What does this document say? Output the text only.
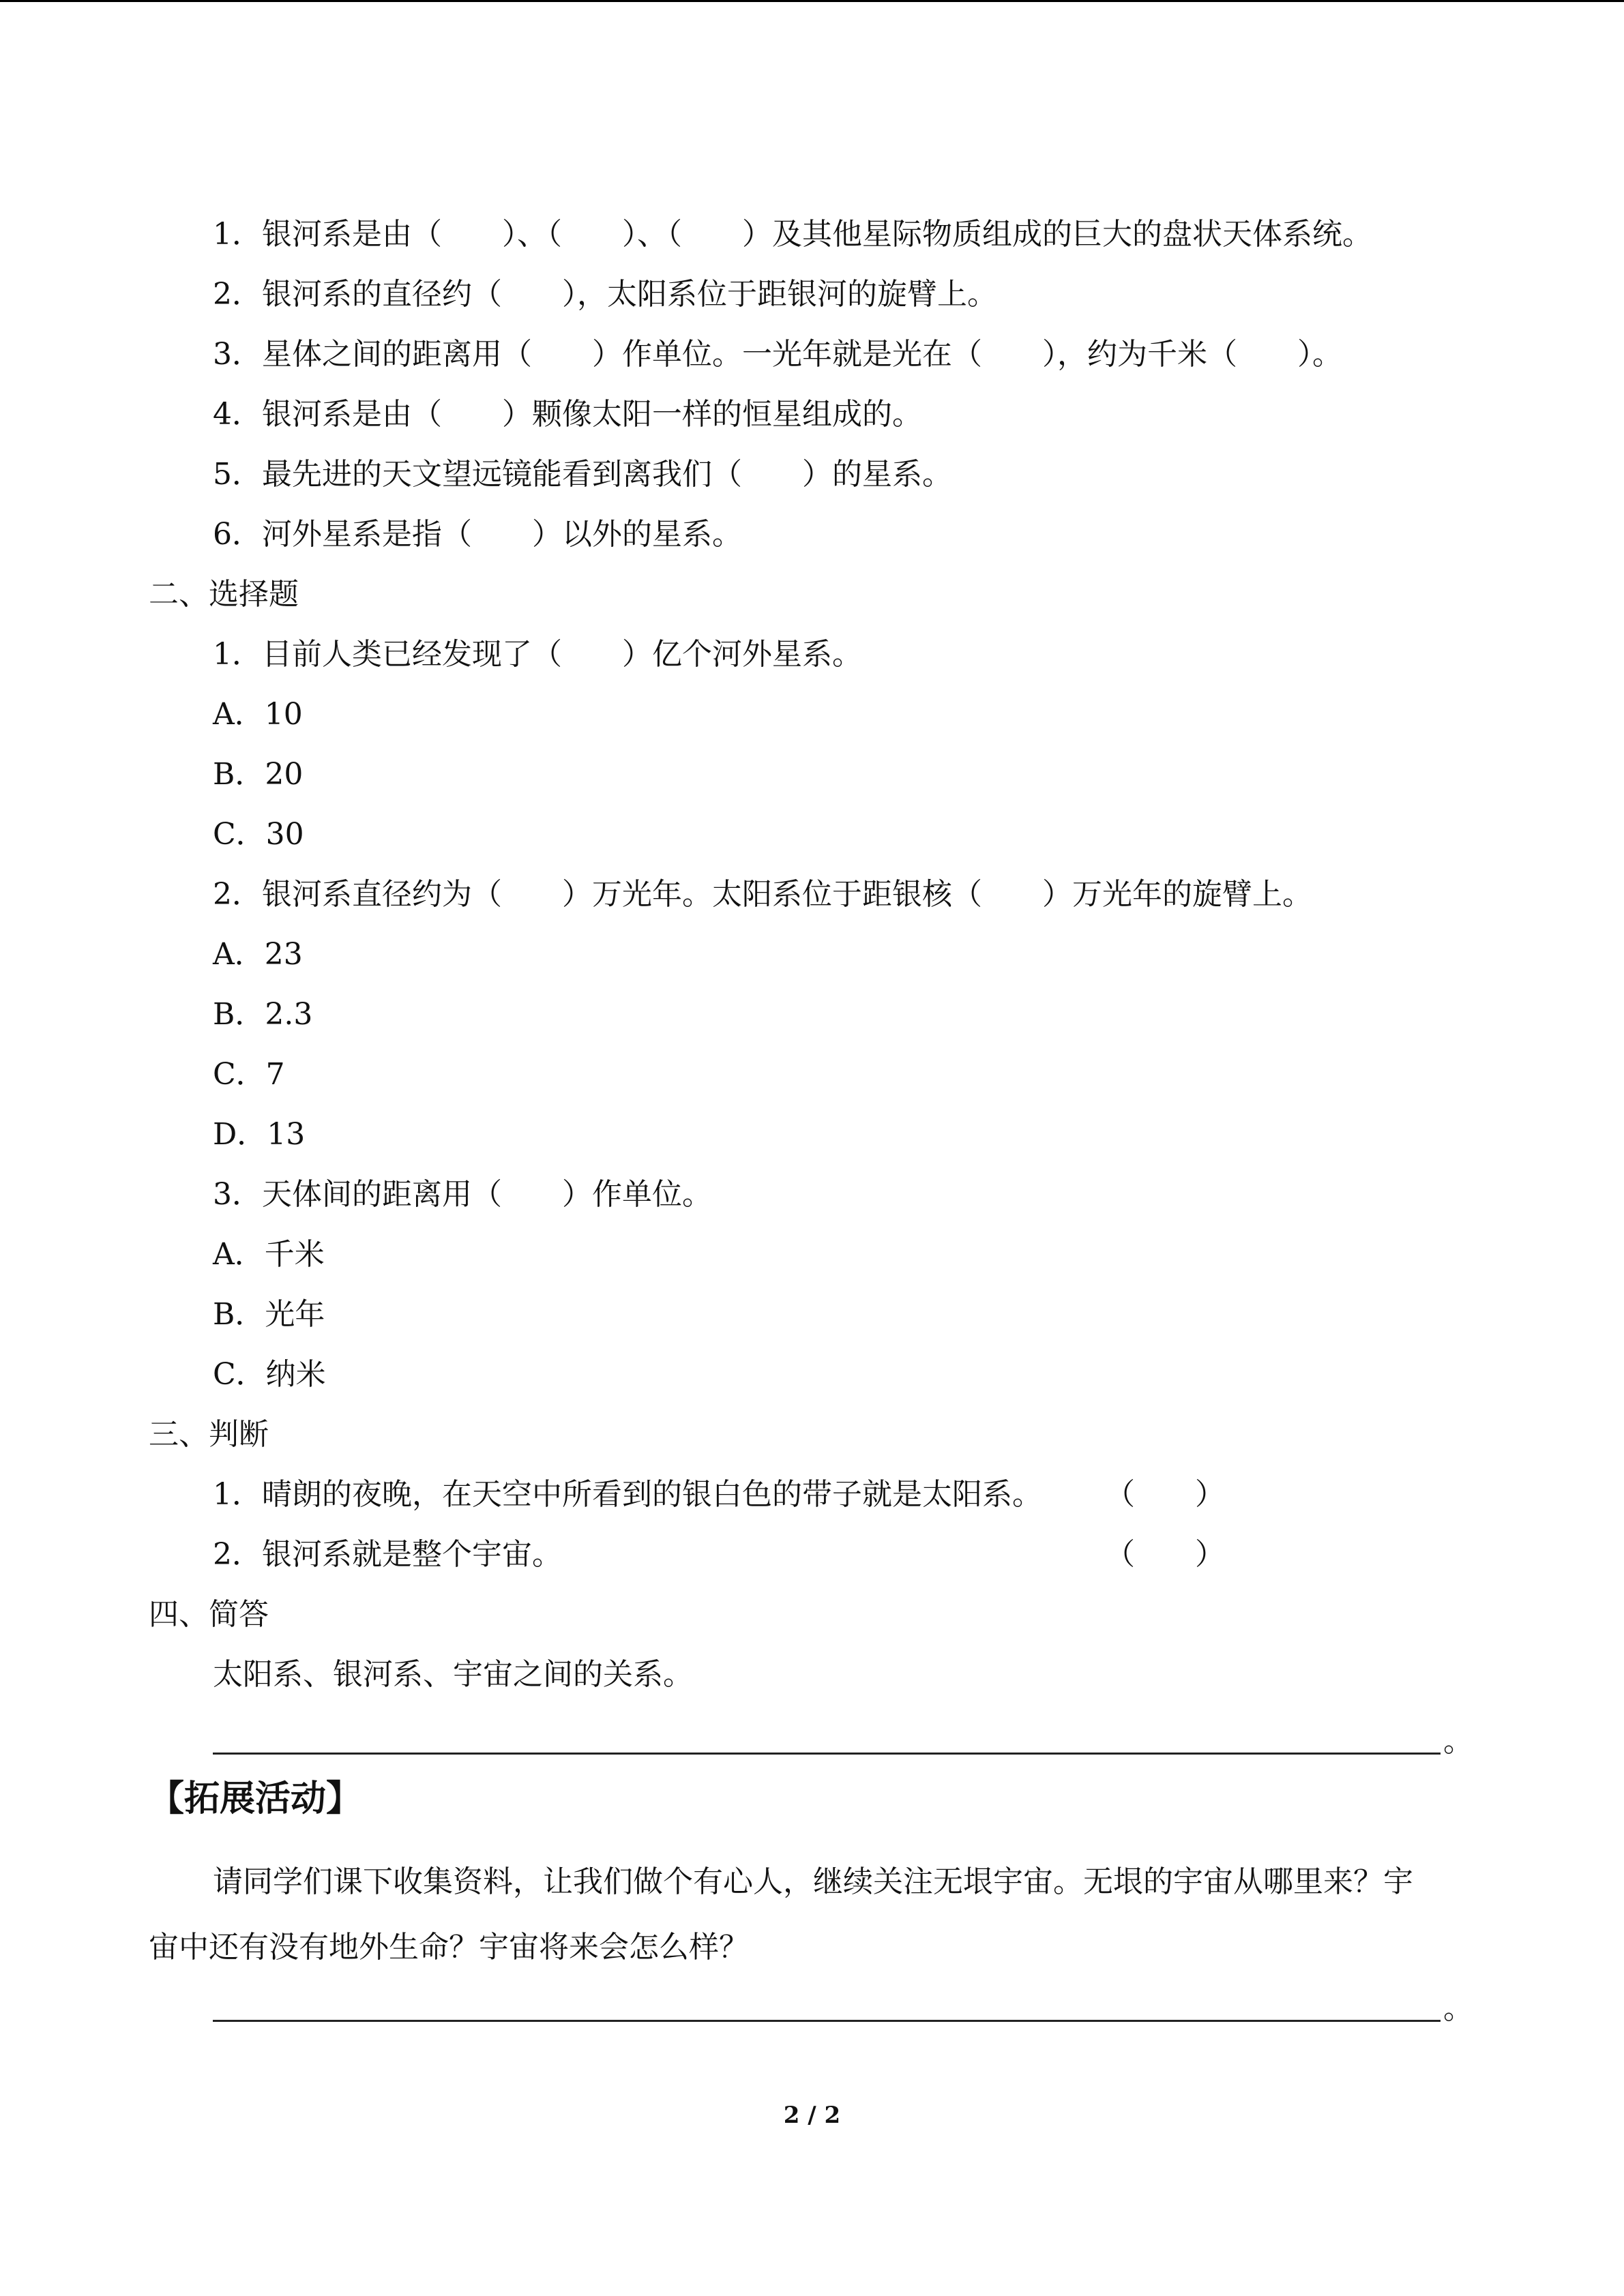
1．银河系是由（　　）、（　　）、（　　）及其他星际物质组成的巨大的盘状天体系统。
2．银河系的直径约（　　），太阳系位于距银河的旋臂上。
3．星体之间的距离用（　　）作单位。一光年就是光在（　　），约为千米（　　）。
4．银河系是由（　　）颗像太阳一样的恒星组成的。
5．最先进的天文望远镜能看到离我们（　　）的星系。
6．河外星系是指（　　）以外的星系。
二、选择题
1．目前人类已经发现了（　　）亿个河外星系。
A．10
B．20
C．30
2．银河系直径约为（　　）万光年。太阳系位于距银核（　　）万光年的旋臂上。
A．23
B．2.3
C．7
D．13
3．天体间的距离用（　　）作单位。
A．千米
B．光年
C．纳米
三、判断
1．晴朗的夜晚，在天空中所看到的银白色的带子就是太阳系。 （　　）
2．银河系就是整个宇宙。	（　　）
四、简答
太阳系、银河系、宇宙之间的关系。
。
【拓展活动】
请同学们课下收集资料，让我们做个有心人，继续关注无垠宇宙。无垠的宇宙从哪里来？宇宙中还有没有地外生命？宇宙将来会怎么样？
。
2 / 2
